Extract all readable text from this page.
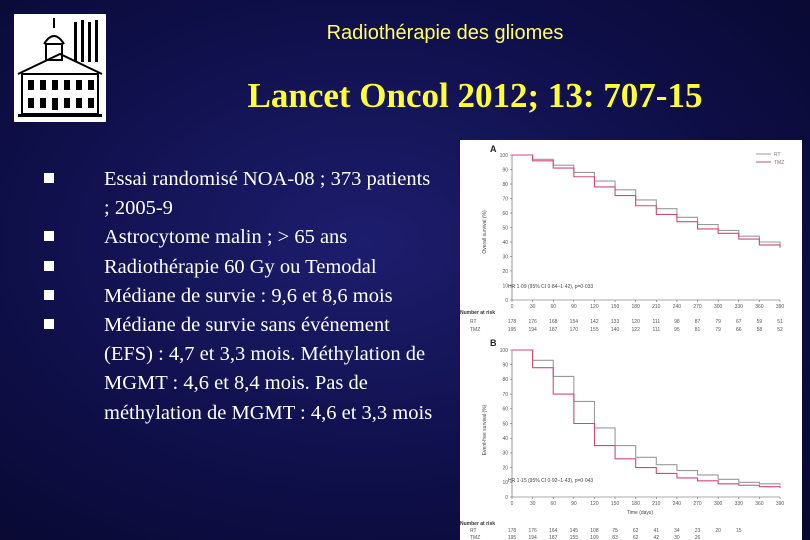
Radiothérapie des gliomes
Lancet Oncol 2012; 13: 707-15
Essai randomisé NOA-08 ; 373 patients ; 2005-9
Astrocytome malin ; > 65 ans
Radiothérapie 60 Gy ou Temodal
Médiane de survie : 9,6 et 8,6 mois
Médiane de survie sans événement (EFS) : 4,7 et 3,3 mois. Méthylation de MGMT : 4,6 et 8,4 mois. Pas de méthylation de MGMT : 4,6 et 3,3 mois
A
Overall survival (%)
HR 1·09 (95% CI 0·84–1·42), p=0·033
Number at risk
RT
TMZ
RT
TMZ
B
Event-free survival (%)
HR 1·15 (95% CI 0·92–1·43), p=0·043
Time (days)
Number at risk
RT
TMZ
0
10
20
30
40
50
60
70
80
90
100
0	30	60	90	120 150 180 210 240 270 300 330 360 390
178 176 168 154 142 133 120	111	98	87	79	67	59	51
195 194 187 170 155 140 122	111	95	81	79	66	58	52
0
10
20
30
40
50
60
70
80
90
100
0	30	60	90	120 150 180 210 240 270 300 330 360 390
178 176 164 145 108	75	62	41	34	23	20	15
195 194 187 155 109	83	62	42	30	26
